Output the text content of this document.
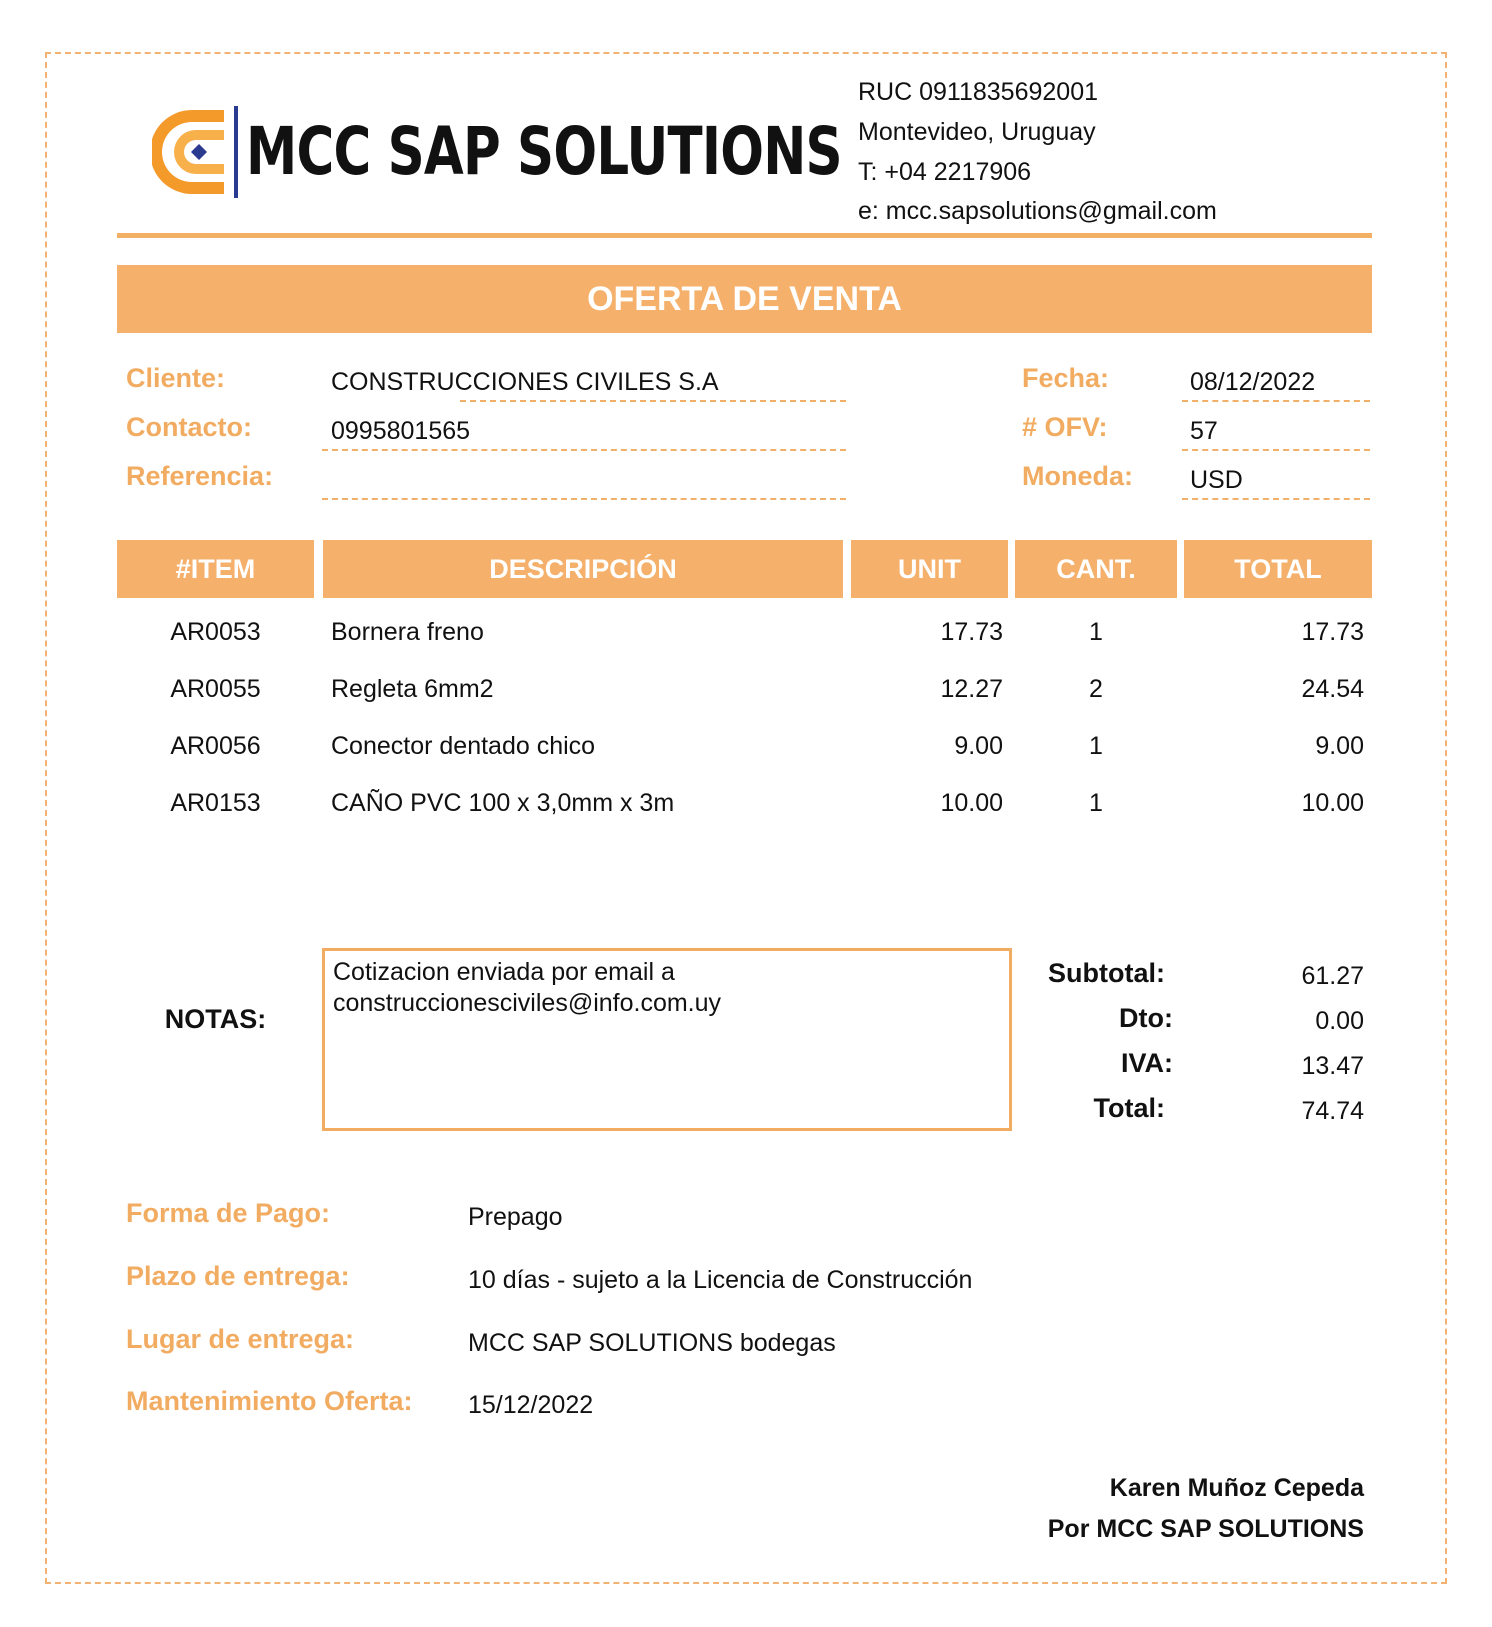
MCC SAP SOLUTIONS
RUC 0911835692001
Montevideo, Uruguay
T: +04 2217906
e: mcc.sapsolutions@gmail.com
OFERTA DE VENTA
Cliente:	CONSTRUCCIONES CIVILES S.A
Contacto:	0995801565
Referencia:
Fecha:	08/12/2022
# OFV:	57
Moneda: USD
#ITEM	DESCRIPCIÓN	UNIT	CANT.	TOTAL
AR0053	Bornera freno	17.73	1	17.73
AR0055	Regleta 6mm2	12.27	2	24.54
AR0056	Conector dentado chico	9.00	1	9.00
AR0153	CAÑO PVC 100 x 3,0mm x 3m	10.00	1	10.00
NOTAS:
Cotizacion enviada por email a
construccionesciviles@info.com.uy
Subtotal:	61.27
Dto:	0.00
IVA:	13.47
Total:	74.74
Forma de Pago:	Prepago
Plazo de entrega:	10 días - sujeto a la Licencia de Construcción
Lugar de entrega:	MCC SAP SOLUTIONS bodegas
Mantenimiento Oferta: 15/12/2022
Karen Muñoz Cepeda
Por MCC SAP SOLUTIONS
